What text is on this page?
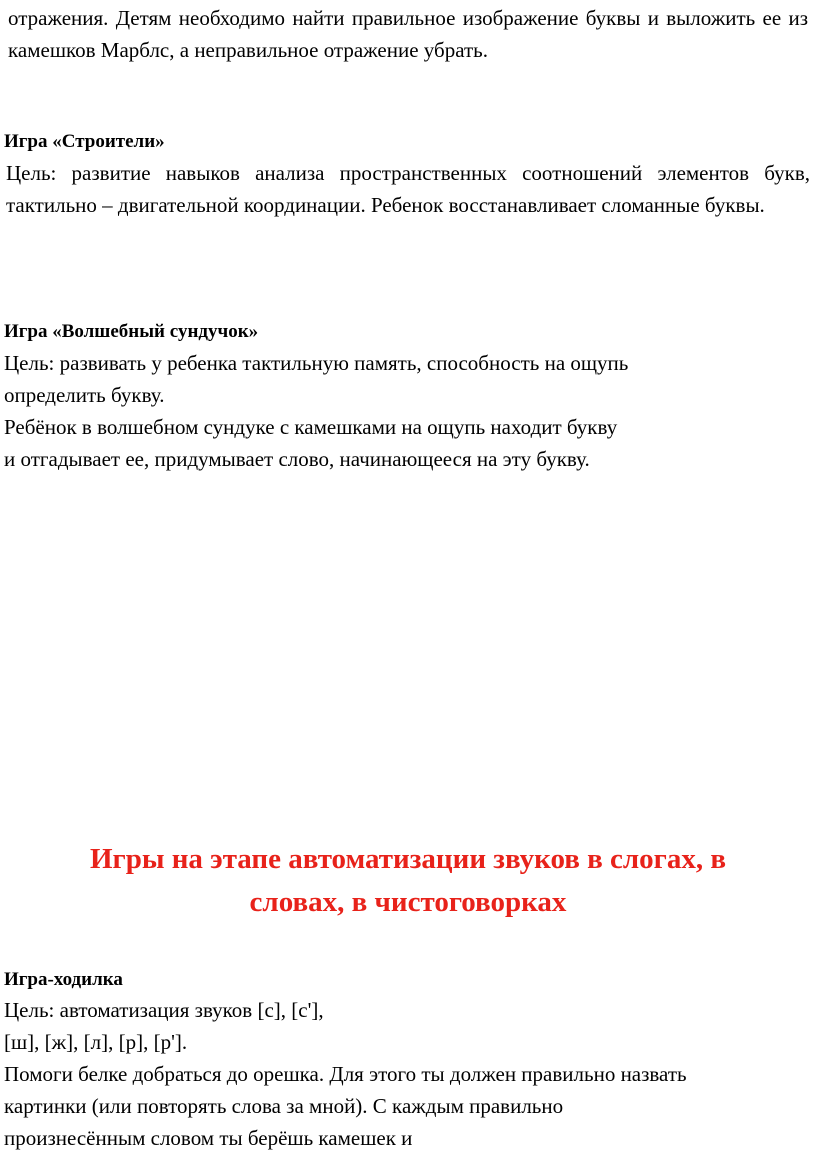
отражения. Детям необходимо найти правильное изображение буквы и выложить ее из камешков Марблс, а неправильное отражение убрать.

Игра «Строители»

Цель: развитие навыков анализа пространственных соотношений элементов букв, тактильно – двигательной координации. Ребенок восстанавливает сломанные буквы.

Игра «Волшебный сундучок»

Цель: развивать у ребенка тактильную память, способность на ощупь
определить букву.
Ребёнок в волшебном сундуке с камешками на ощупь находит букву
и отгадывает ее, придумывает слово, начинающееся на эту букву.

Игры на этапе автоматизации звуков в слогах, в

словах, в чистоговорках

Игра-ходилка

Цель: автоматизация звуков [с], [с'],
[ш], [ж], [л], [р], [р'].
Помоги белке добраться до орешка. Для этого ты должен правильно назвать
картинки (или повторять слова за мной). С каждым правильно
произнесённым словом ты берёшь камешек и
